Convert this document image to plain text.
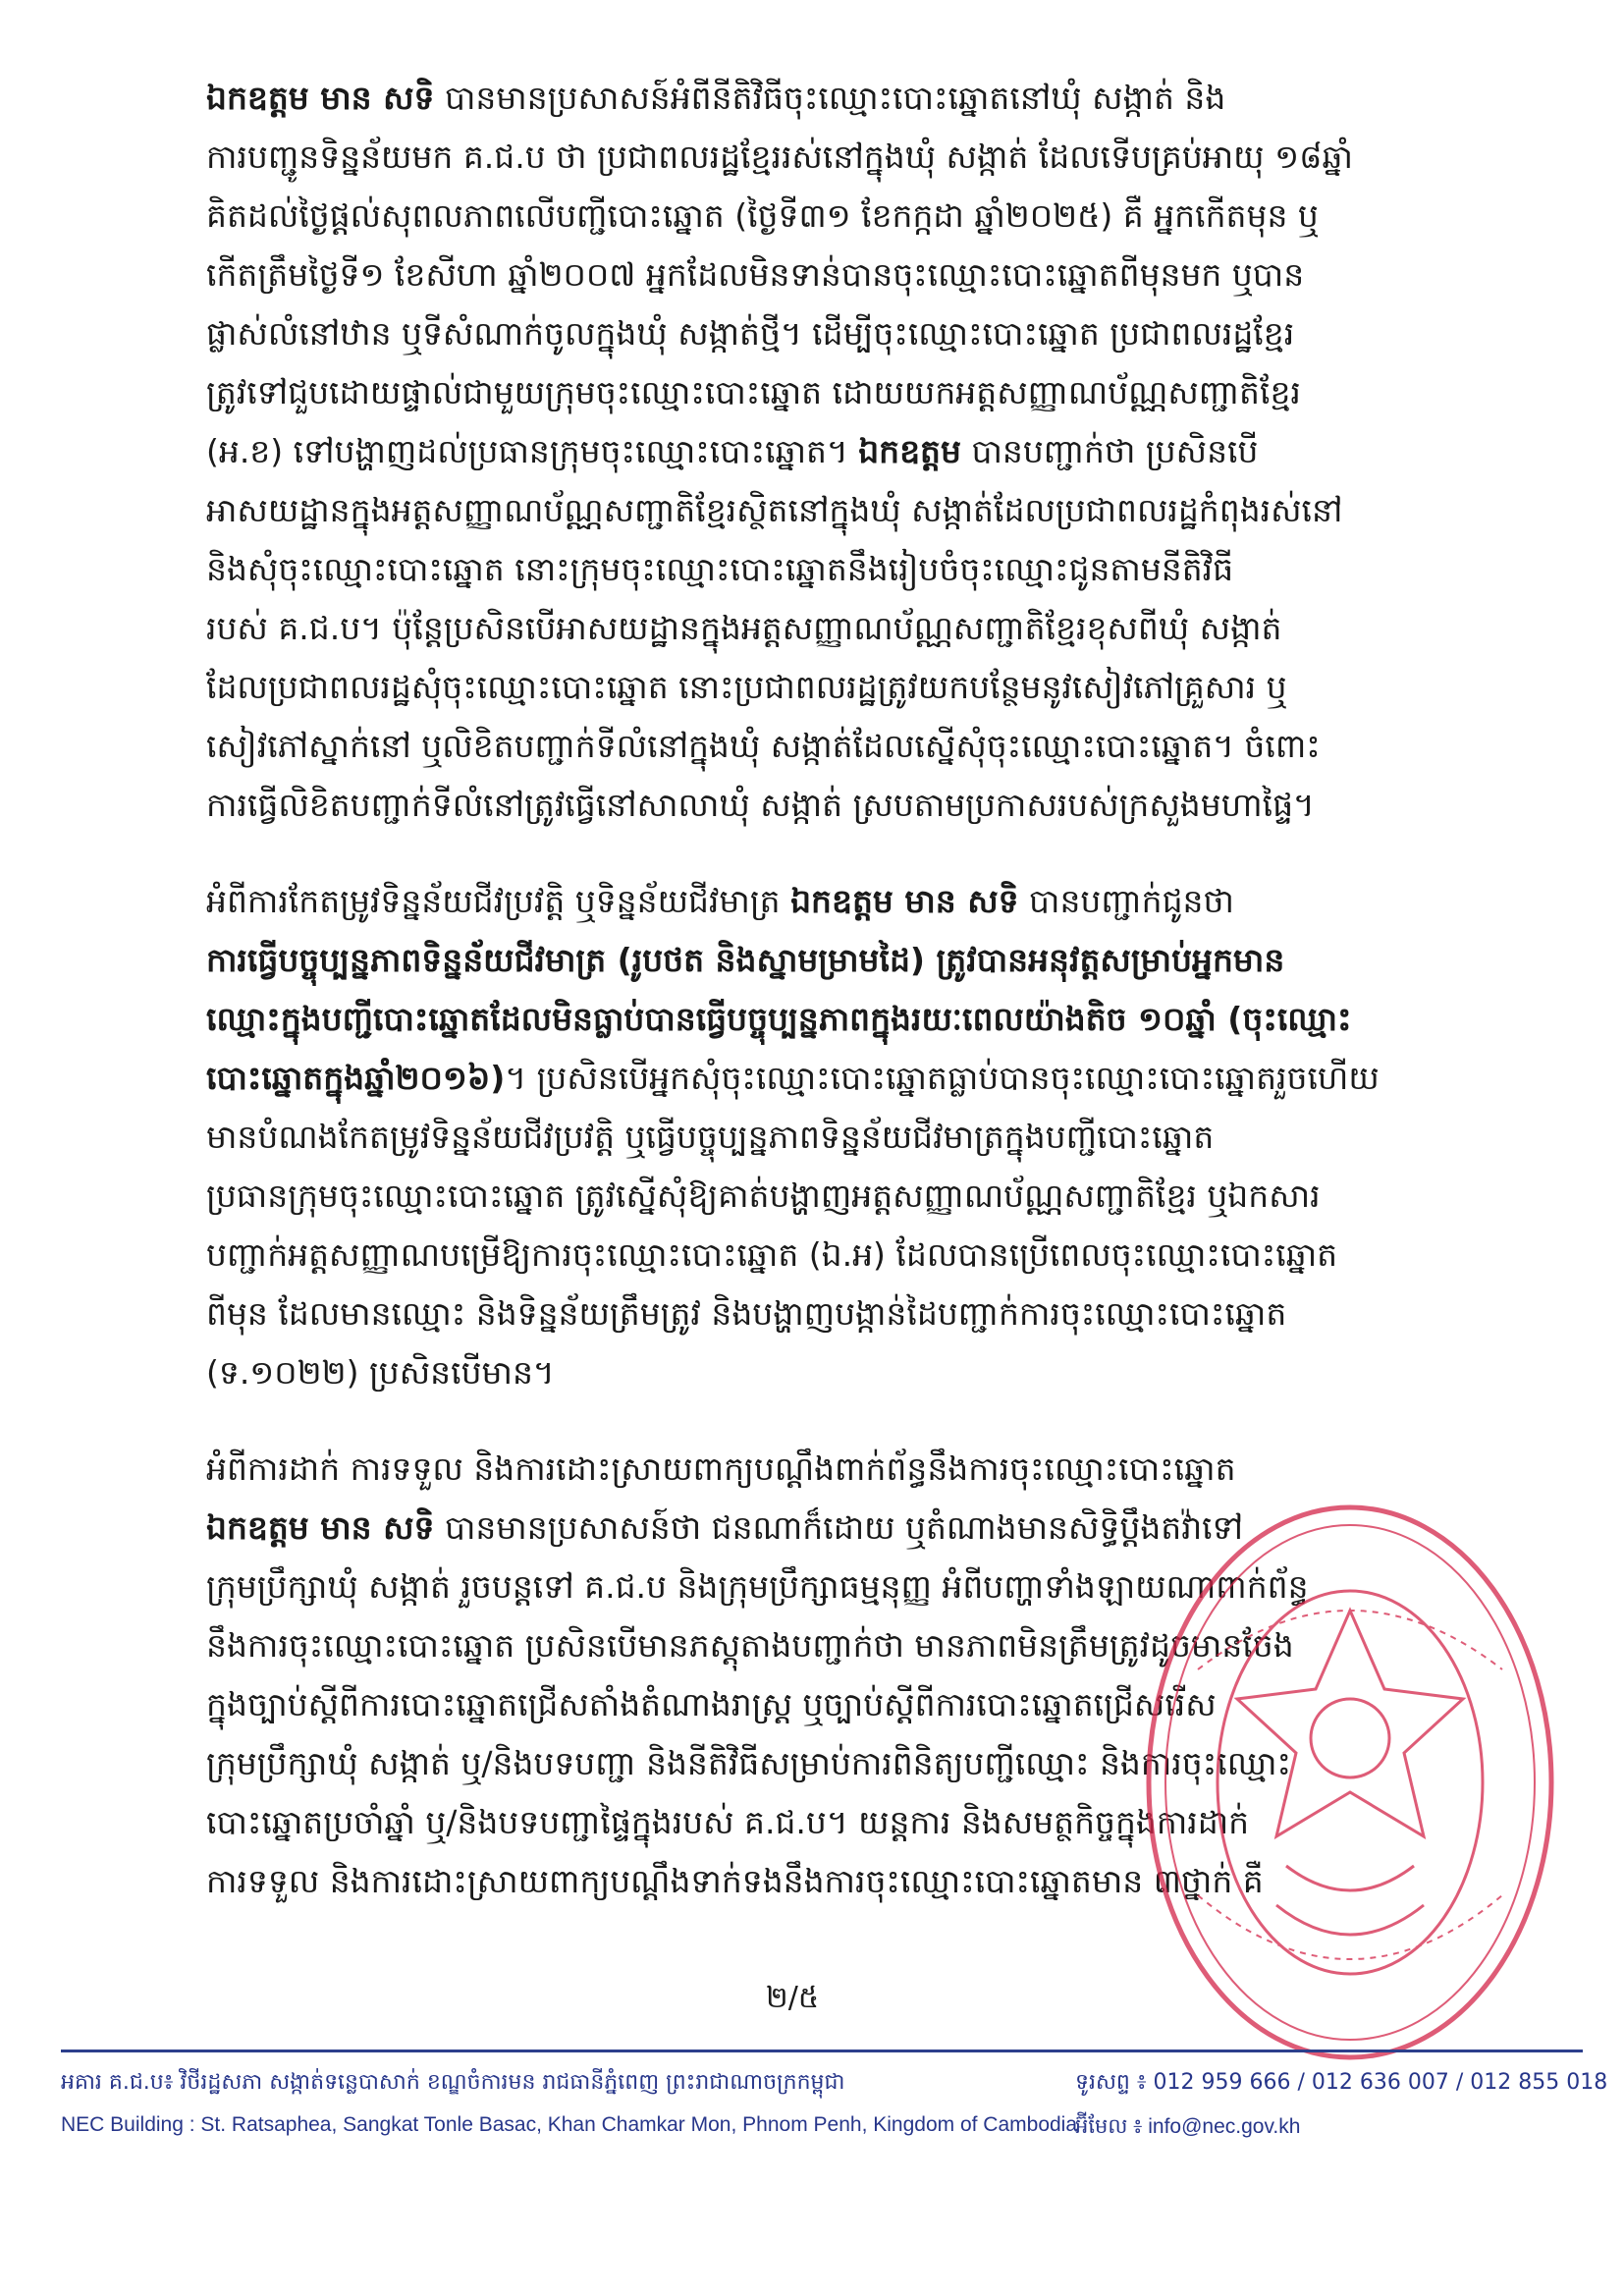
ឯកឧត្តម មាន សទិ បានមានប្រសាសន៍អំពីនីតិវិធីចុះឈ្មោះបោះឆ្នោតនៅឃុំ សង្កាត់ និង
ការបញ្ជូនទិន្នន័យមក គ.ជ.ប ថា ប្រជាពលរដ្ឋខ្មែររស់នៅក្នុងឃុំ សង្កាត់ ដែលទើបគ្រប់អាយុ ១៨ឆ្នាំ
គិតដល់ថ្ងៃផ្តល់សុពលភាពលើបញ្ជីបោះឆ្នោត (ថ្ងៃទី៣១ ខែកក្កដា ឆ្នាំ២០២៥) គឺ អ្នកកើតមុន ឬ
កើតត្រឹមថ្ងៃទី១ ខែសីហា ឆ្នាំ២០០៧ អ្នកដែលមិនទាន់បានចុះឈ្មោះបោះឆ្នោតពីមុនមក ឬបាន
ផ្លាស់លំនៅឋាន ឬទីសំណាក់ចូលក្នុងឃុំ សង្កាត់ថ្មី។ ដើម្បីចុះឈ្មោះបោះឆ្នោត ប្រជាពលរដ្ឋខ្មែរ
ត្រូវទៅជួបដោយផ្ទាល់ជាមួយក្រុមចុះឈ្មោះបោះឆ្នោត ដោយយកអត្តសញ្ញាណប័ណ្ណសញ្ជាតិខ្មែរ
(អ.ខ) ទៅបង្ហាញដល់ប្រធានក្រុមចុះឈ្មោះបោះឆ្នោត។ ឯកឧត្តម បានបញ្ជាក់ថា ប្រសិនបើ
អាសយដ្ឋានក្នុងអត្តសញ្ញាណប័ណ្ណសញ្ជាតិខ្មែរស្ថិតនៅក្នុងឃុំ សង្កាត់ដែលប្រជាពលរដ្ឋកំពុងរស់នៅ
និងសុំចុះឈ្មោះបោះឆ្នោត នោះក្រុមចុះឈ្មោះបោះឆ្នោតនឹងរៀបចំចុះឈ្មោះជូនតាមនីតិវិធី
របស់ គ.ជ.ប។ ប៉ុន្តែប្រសិនបើអាសយដ្ឋានក្នុងអត្តសញ្ញាណប័ណ្ណសញ្ជាតិខ្មែរខុសពីឃុំ សង្កាត់
ដែលប្រជាពលរដ្ឋសុំចុះឈ្មោះបោះឆ្នោត នោះប្រជាពលរដ្ឋត្រូវយកបន្ថែមនូវសៀវភៅគ្រួសារ ឬ
សៀវភៅស្នាក់នៅ ឬលិខិតបញ្ជាក់ទីលំនៅក្នុងឃុំ សង្កាត់ដែលស្នើសុំចុះឈ្មោះបោះឆ្នោត។ ចំពោះ
ការធ្វើលិខិតបញ្ជាក់ទីលំនៅត្រូវធ្វើនៅសាលាឃុំ សង្កាត់ ស្របតាមប្រកាសរបស់ក្រសួងមហាផ្ទៃ។
អំពីការកែតម្រូវទិន្នន័យជីវប្រវត្តិ ឬទិន្នន័យជីវមាត្រ ឯកឧត្តម មាន សទិ បានបញ្ជាក់ជូនថា
ការធ្វើបច្ចុប្បន្នភាពទិន្នន័យជីវមាត្រ (រូបថត និងស្នាមម្រាមដៃ) ត្រូវបានអនុវត្តសម្រាប់អ្នកមាន
ឈ្មោះក្នុងបញ្ជីបោះឆ្នោតដែលមិនធ្លាប់បានធ្វើបច្ចុប្បន្នភាពក្នុងរយៈពេលយ៉ាងតិច ១០ឆ្នាំ (ចុះឈ្មោះ
បោះឆ្នោតក្នុងឆ្នាំ២០១៦)។ ប្រសិនបើអ្នកសុំចុះឈ្មោះបោះឆ្នោតធ្លាប់បានចុះឈ្មោះបោះឆ្នោតរួចហើយ
មានបំណងកែតម្រូវទិន្នន័យជីវប្រវត្តិ ឬធ្វើបច្ចុប្បន្នភាពទិន្នន័យជីវមាត្រក្នុងបញ្ជីបោះឆ្នោត
ប្រធានក្រុមចុះឈ្មោះបោះឆ្នោត ត្រូវស្នើសុំឱ្យគាត់បង្ហាញអត្តសញ្ញាណប័ណ្ណសញ្ជាតិខ្មែរ ឬឯកសារ
បញ្ជាក់អត្តសញ្ញាណបម្រើឱ្យការចុះឈ្មោះបោះឆ្នោត (ឯ.អ) ដែលបានប្រើពេលចុះឈ្មោះបោះឆ្នោត
ពីមុន ដែលមានឈ្មោះ និងទិន្នន័យត្រឹមត្រូវ និងបង្ហាញបង្កាន់ដៃបញ្ជាក់ការចុះឈ្មោះបោះឆ្នោត
(ទ.១០២២) ប្រសិនបើមាន។
អំពីការដាក់ ការទទួល និងការដោះស្រាយពាក្យបណ្តឹងពាក់ព័ន្ធនឹងការចុះឈ្មោះបោះឆ្នោត
ឯកឧត្តម មាន សទិ បានមានប្រសាសន៍ថា ជនណាក៏ដោយ ឬតំណាងមានសិទ្ធិប្តឹងតវ៉ាទៅ
ក្រុមប្រឹក្សាឃុំ សង្កាត់ រួចបន្តទៅ គ.ជ.ប និងក្រុមប្រឹក្សាធម្មនុញ្ញ អំពីបញ្ហាទាំងឡាយណាពាក់ព័ន្ធ
នឹងការចុះឈ្មោះបោះឆ្នោត ប្រសិនបើមានភស្តុតាងបញ្ជាក់ថា មានភាពមិនត្រឹមត្រូវដូចមានចែង
ក្នុងច្បាប់ស្តីពីការបោះឆ្នោតជ្រើសតាំងតំណាងរាស្ត្រ ឬច្បាប់ស្តីពីការបោះឆ្នោតជ្រើសរើស
ក្រុមប្រឹក្សាឃុំ សង្កាត់ ឬ/និងបទបញ្ជា និងនីតិវិធីសម្រាប់ការពិនិត្យបញ្ជីឈ្មោះ និងការចុះឈ្មោះ
បោះឆ្នោតប្រចាំឆ្នាំ ឬ/និងបទបញ្ជាផ្ទៃក្នុងរបស់ គ.ជ.ប។ យន្តការ និងសមត្ថកិច្ចក្នុងការដាក់
ការទទួល និងការដោះស្រាយពាក្យបណ្តឹងទាក់ទងនឹងការចុះឈ្មោះបោះឆ្នោតមាន ៣ថ្នាក់ គឺ
២/៥
អគារ គ.ជ.ប៖ វិថីរដ្ឋសភា សង្កាត់ទន្លេបាសាក់ ខណ្ឌចំការមន រាជធានីភ្នំពេញ ព្រះរាជាណាចក្រកម្ពុជា	ទូរសព្ទ ៖ 012 959 666 / 012 636 007 / 012 855 018
NEC Building : St. Ratsaphea, Sangkat Tonle Basac, Khan Chamkar Mon, Phnom Penh, Kingdom of Cambodia
អ៊ីមែល ៖ info@nec.gov.kh
